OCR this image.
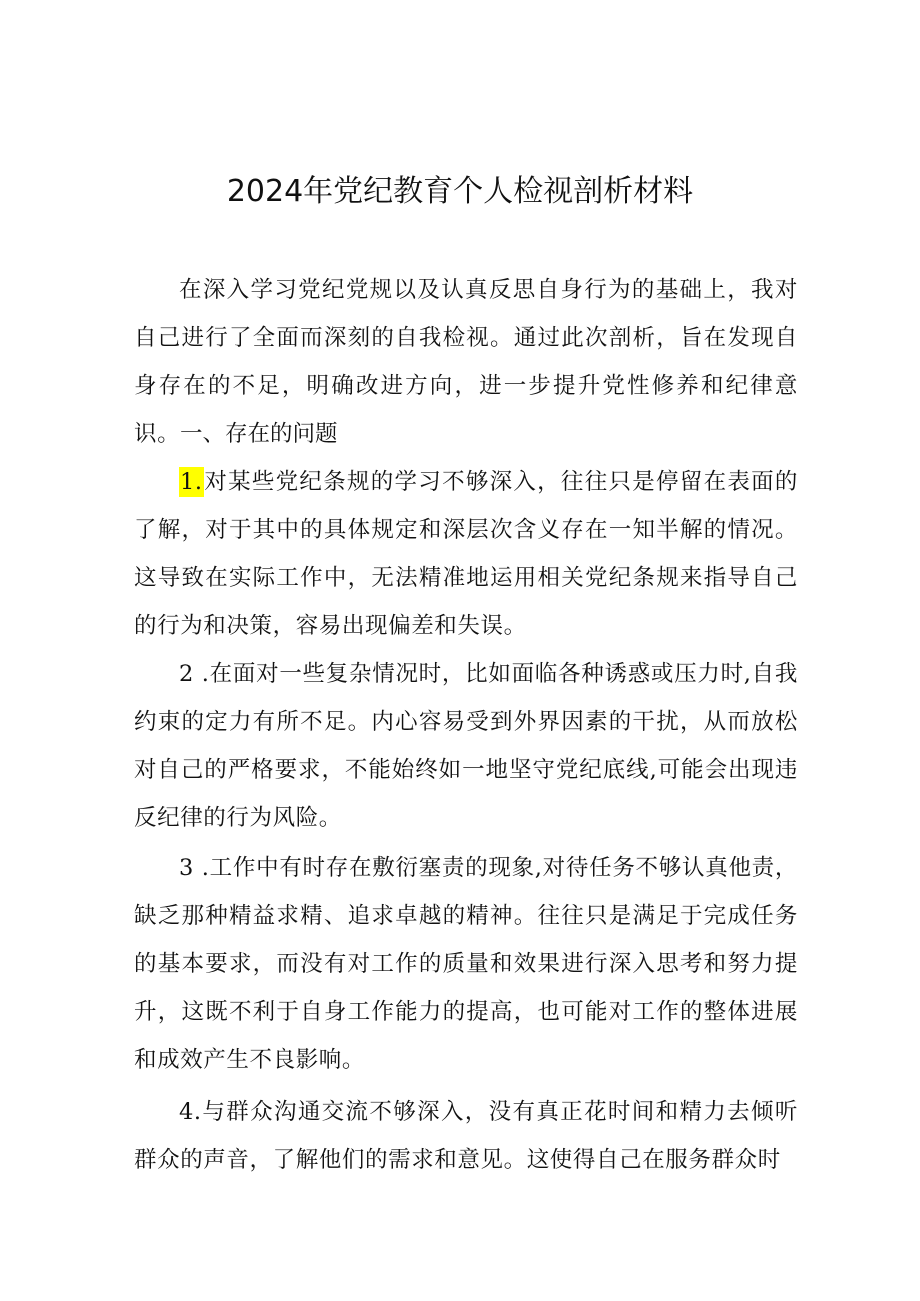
2024年党纪教育个人检视剖析材料

在深入学习党纪党规以及认真反思自身行为的基础上，我对自己进行了全面而深刻的自我检视。通过此次剖析，旨在发现自身存在的不足，明确改进方向，进一步提升党性修养和纪律意识。 一、存在的问题

1.对某些党纪条规的学习不够深入，往往只是停留在表面的了解，对于其中的具体规定和深层次含义存在一知半解的情况。这导致在实际工作中，无法精准地运用相关党纪条规来指导自己的行为和决策，容易出现偏差和失误。

2 .在面对一些复杂情况时，比如面临各种诱惑或压力时,自我约束的定力有所不足。内心容易受到外界因素的干扰，从而放松对自己的严格要求，不能始终如一地坚守党纪底线,可能会出现违反纪律的行为风险。

3 .工作中有时存在敷衍塞责的现象,对待任务不够认真他责，缺乏那种精益求精、追求卓越的精神。往往只是满足于完成任务的基本要求，而没有对工作的质量和效果进行深入思考和努力提升，这既不利于自身工作能力的提高，也可能对工作的整体进展和成效产生不良影响。

4.与群众沟通交流不够深入，没有真正花时间和精力去倾听群众的声音，了解他们的需求和意见。这使得自己在服务群众时
